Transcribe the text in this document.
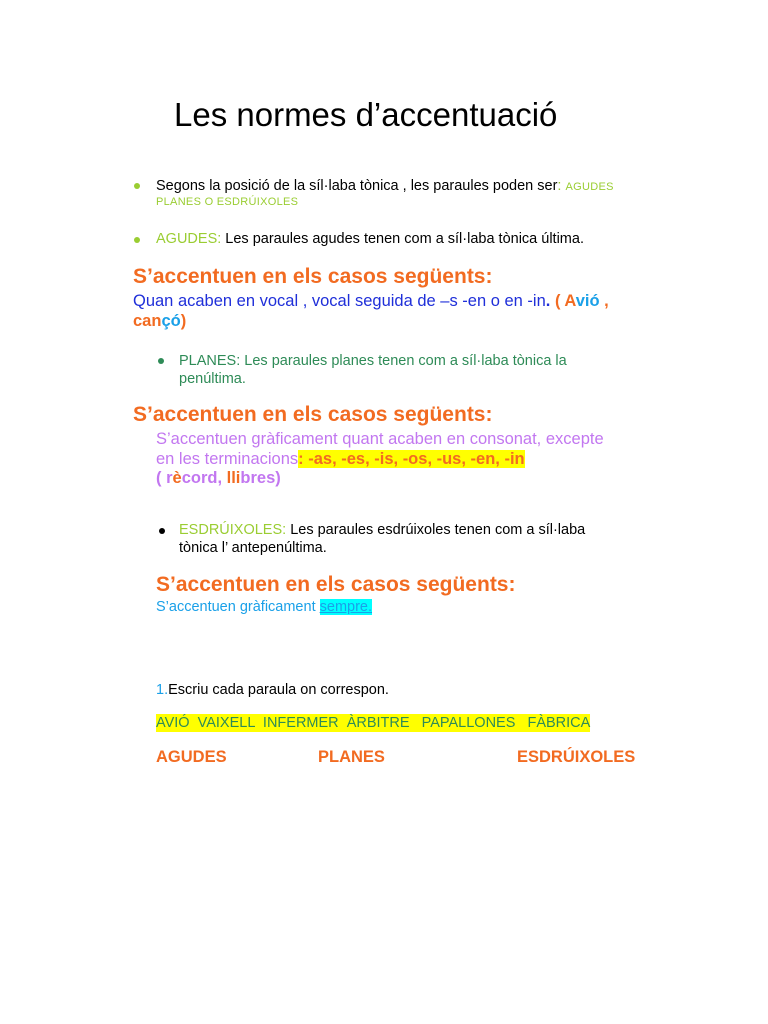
Les normes d’accentuació
Segons la posició de la síl·laba tònica , les paraules poden ser: AGUDES
PLANES O ESDRÚIXOLES
AGUDES: Les paraules agudes tenen com a síl·laba tònica última.
S’accentuen en els casos següents:
Quan acaben en vocal , vocal seguida de –s -en o en -in. ( Avió ,
cançó)
PLANES: Les paraules planes tenen com a síl·laba tònica la
penúltima.
S’accentuen en els casos següents:
S’accentuen gràficament quant acaben en consonat, excepte
en les terminacions: -as, -es, -is, -os, -us, -en, -in
( rècord, llibres)
ESDRÚIXOLES: Les paraules esdrúixoles tenen com a síl·laba
tònica l’ antepenúltima.
S’accentuen en els casos següents:
S’accentuen gràficament sempre.
1.Escriu cada paraula on correspon.
AVIÓ  VAIXELL  INFERMER  ÀRBITRE   PAPALLONES   FÀBRICA
AGUDES	PLANES	ESDRÚIXOLES
